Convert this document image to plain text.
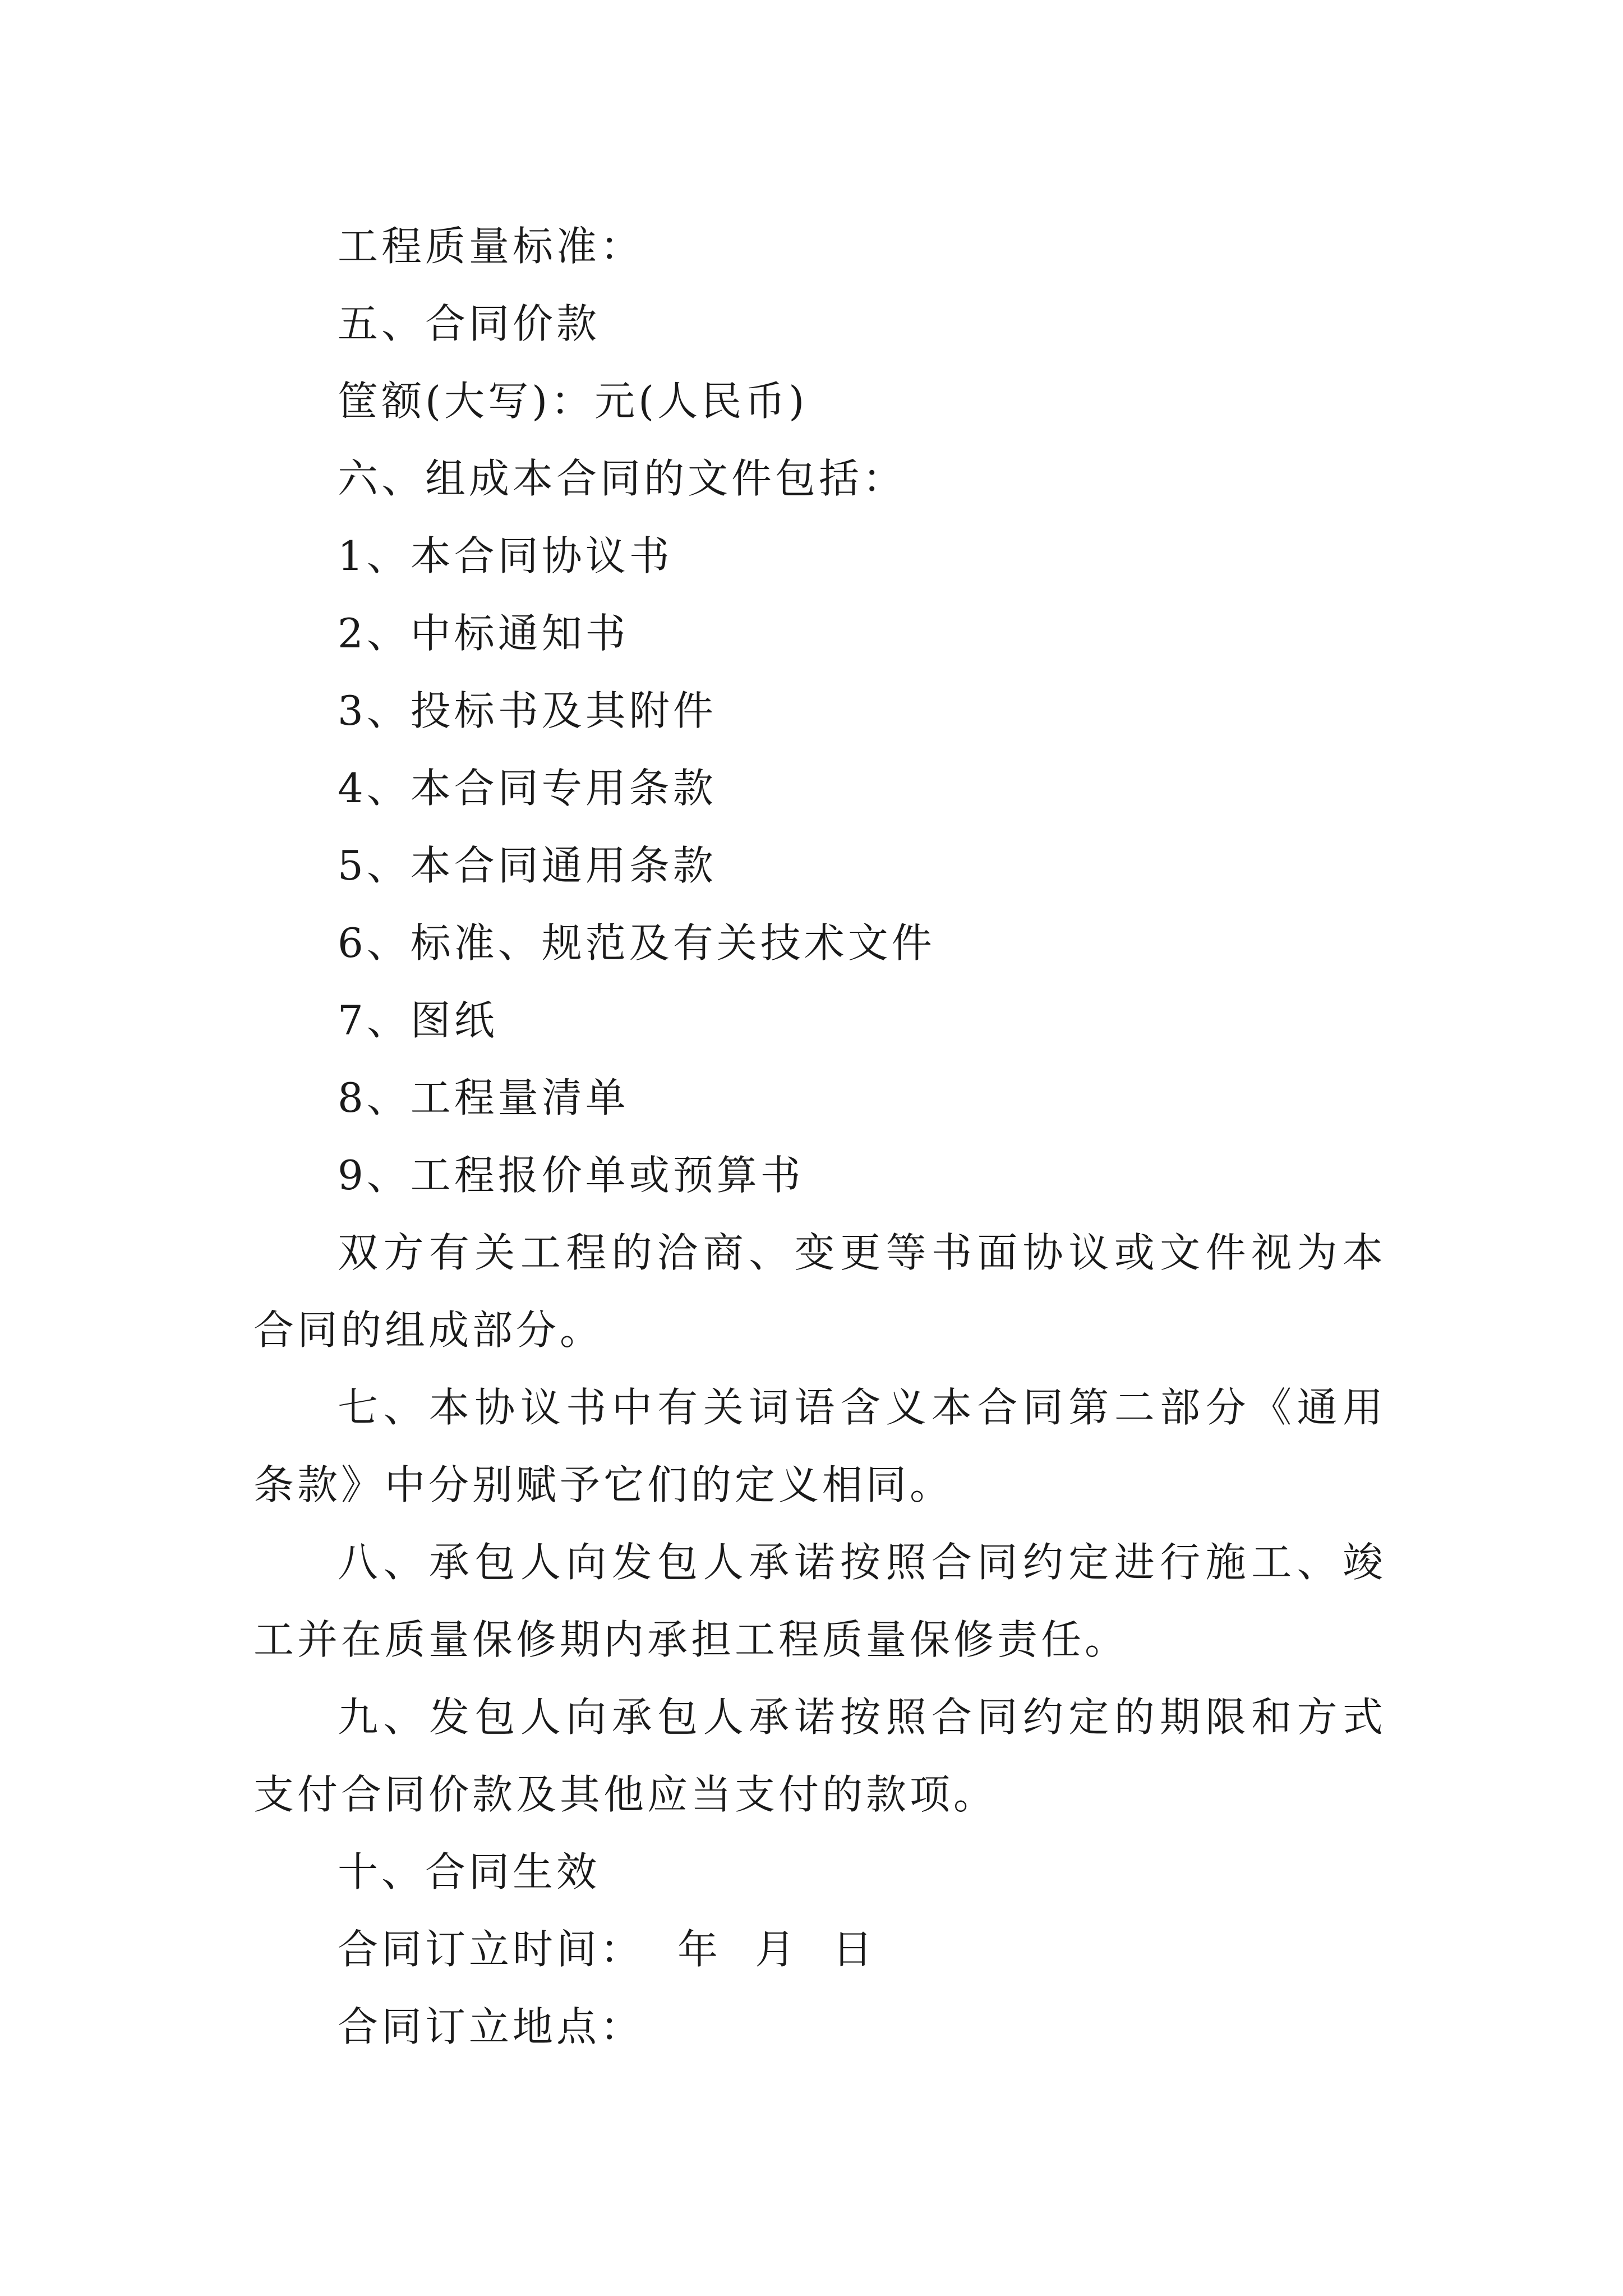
工程质量标准：
五、合同价款
筐额(大写)：元(人民币)
六、组成本合同的文件包括：
1、本合同协议书
2、中标通知书
3、投标书及其附件
4、本合同专用条款
5、本合同通用条款
6、标准、规范及有关技术文件
7、图纸
8、工程量清单
9、工程报价单或预算书
双方有关工程的洽商、变更等书面协议或文件视为本合同的组成部分。
七、本协议书中有关词语含义本合同第二部分《通用条款》中分别赋予它们的定义相同。
八、承包人向发包人承诺按照合同约定进行施工、竣工并在质量保修期内承担工程质量保修责任。
九、发包人向承包人承诺按照合同约定的期限和方式支付合同价款及其他应当支付的款项。
十、合同生效
合同订立时间： 年 月 日
合同订立地点：
